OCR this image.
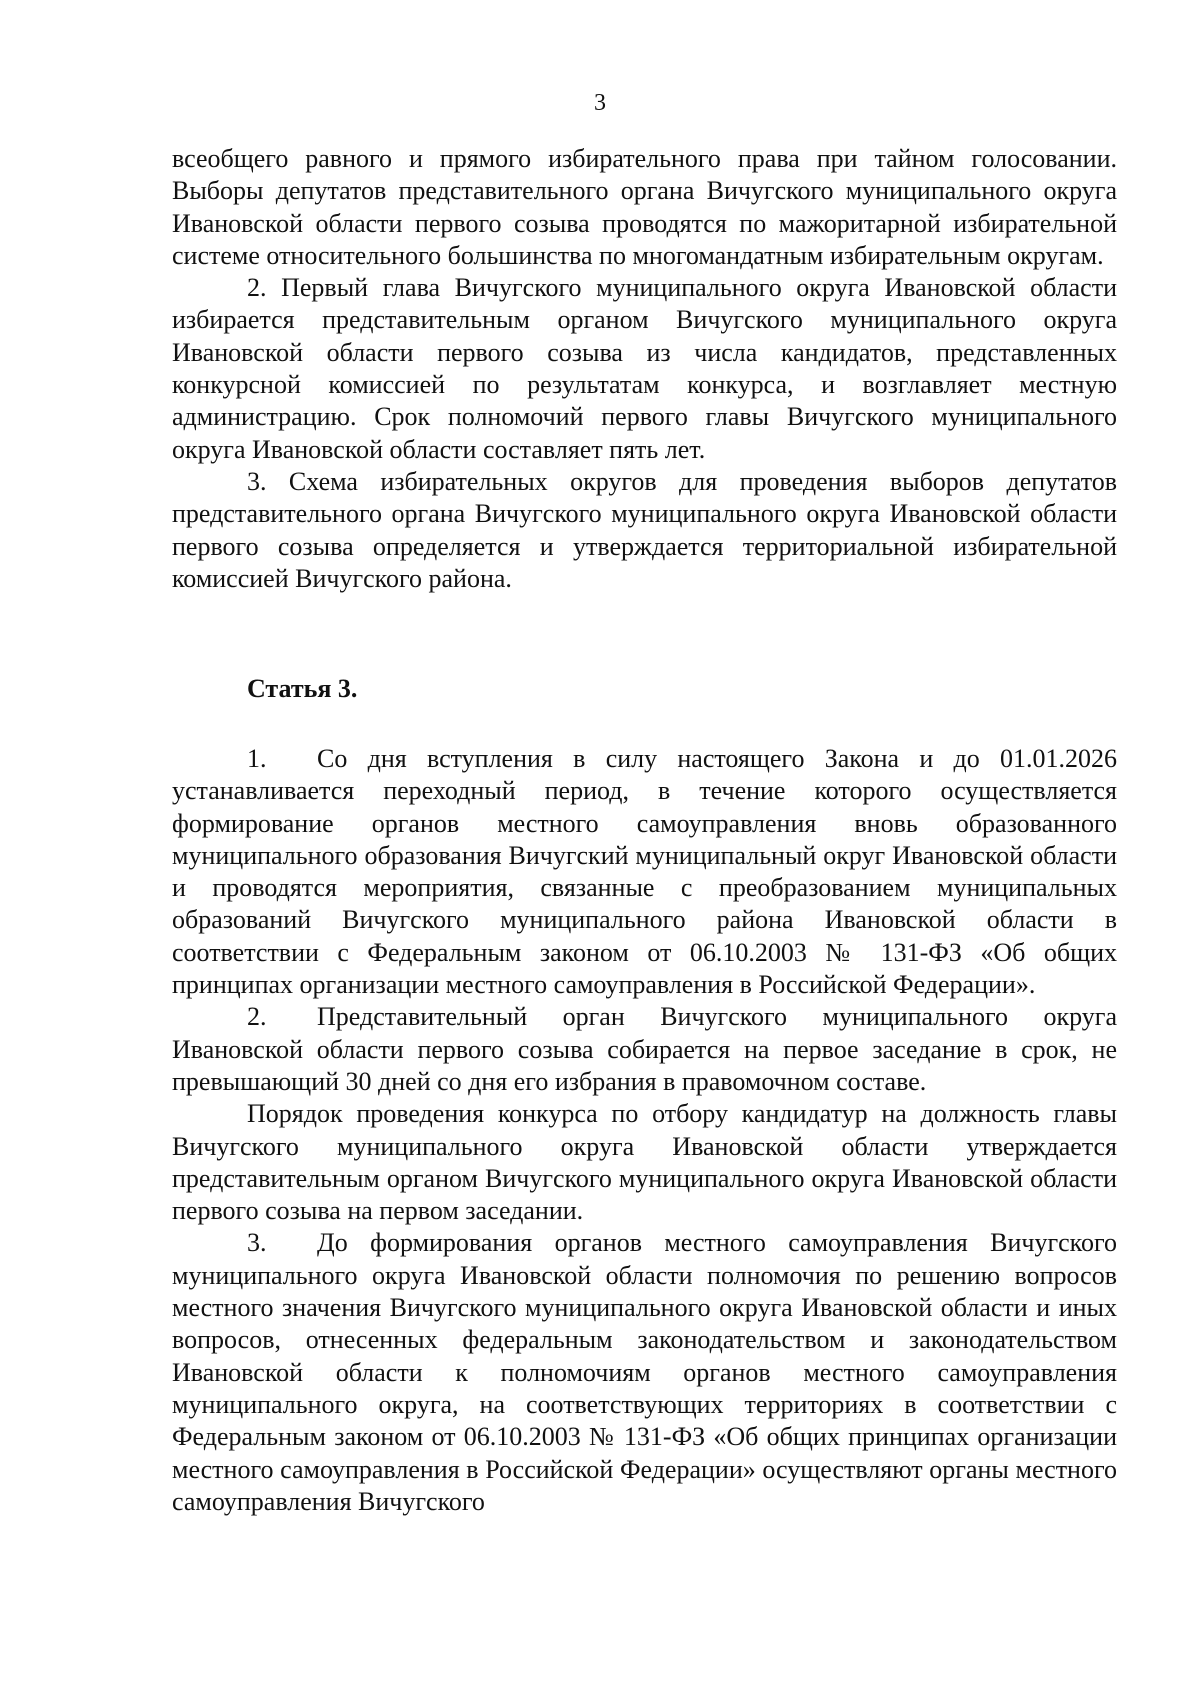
3

всеобщего равного и прямого избирательного права при тайном голосовании. Выборы депутатов представительного органа Вичугского муниципального округа Ивановской области первого созыва проводятся по мажоритарной избирательной системе относительного большинства по многомандатным избирательным округам.

2. Первый глава Вичугского муниципального округа Ивановской области избирается представительным органом Вичугского муниципального округа Ивановской области первого созыва из числа кандидатов, представленных конкурсной комиссией по результатам конкурса, и возглавляет местную администрацию. Срок полномочий первого главы Вичугского муниципального округа Ивановской области составляет пять лет.

3. Схема избирательных округов для проведения выборов депутатов представительного органа Вичугского муниципального округа Ивановской области первого созыва определяется и утверждается территориальной избирательной комиссией Вичугского района.

Статья 3.

1. Со дня вступления в силу настоящего Закона и до 01.01.2026 устанавливается переходный период, в течение которого осуществляется формирование органов местного самоуправления вновь образованного муниципального образования Вичугский муниципальный округ Ивановской области и проводятся мероприятия, связанные с преобразованием муниципальных образований Вичугского муниципального района Ивановской области в соответствии с Федеральным законом от 06.10.2003 № 131-ФЗ «Об общих принципах организации местного самоуправления в Российской Федерации».

2. Представительный орган Вичугского муниципального округа Ивановской области первого созыва собирается на первое заседание в срок, не превышающий 30 дней со дня его избрания в правомочном составе.

Порядок проведения конкурса по отбору кандидатур на должность главы Вичугского муниципального округа Ивановской области утверждается представительным органом Вичугского муниципального округа Ивановской области первого созыва на первом заседании.

3. До формирования органов местного самоуправления Вичугского муниципального округа Ивановской области полномочия по решению вопросов местного значения Вичугского муниципального округа Ивановской области и иных вопросов, отнесенных федеральным законодательством и законодательством Ивановской области к полномочиям органов местного самоуправления муниципального округа, на соответствующих территориях в соответствии с Федеральным законом от 06.10.2003 № 131-ФЗ «Об общих принципах организации местного самоуправления в Российской Федерации» осуществляют органы местного самоуправления Вичугского
